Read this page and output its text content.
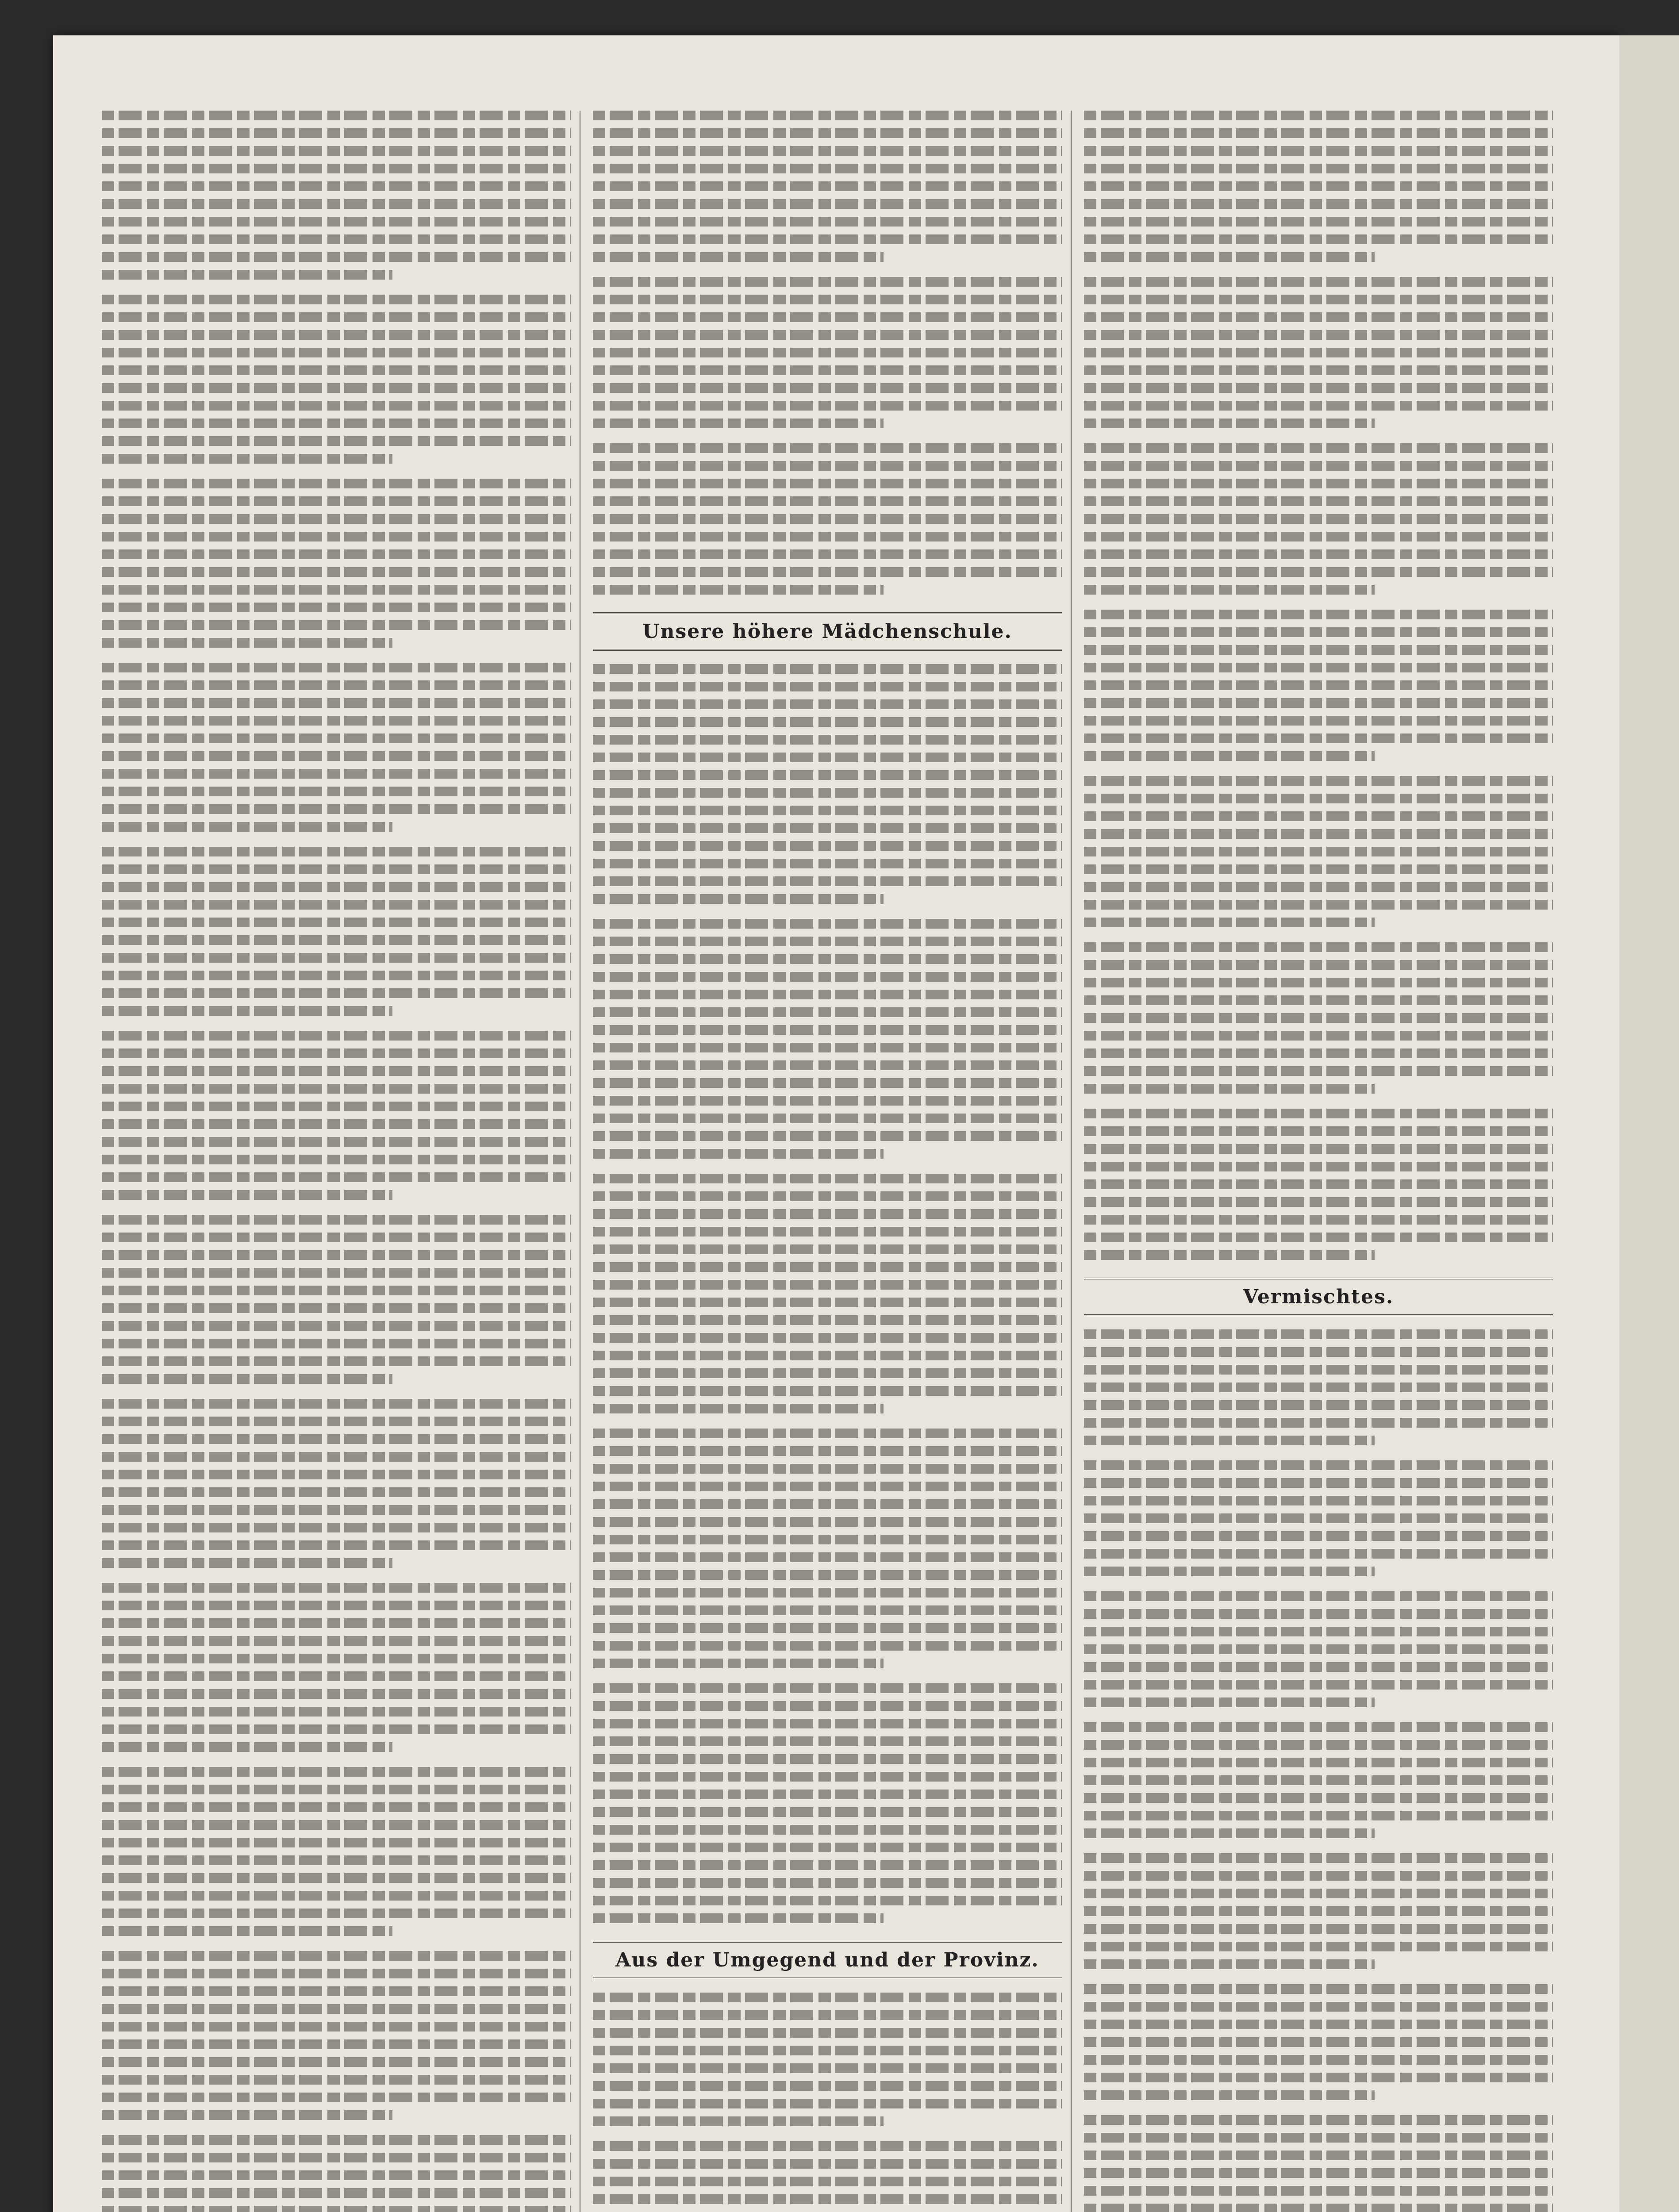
Unsere höhere Mädchenschule.
Aus der Umgegend und der Provinz.
Vermischtes.
